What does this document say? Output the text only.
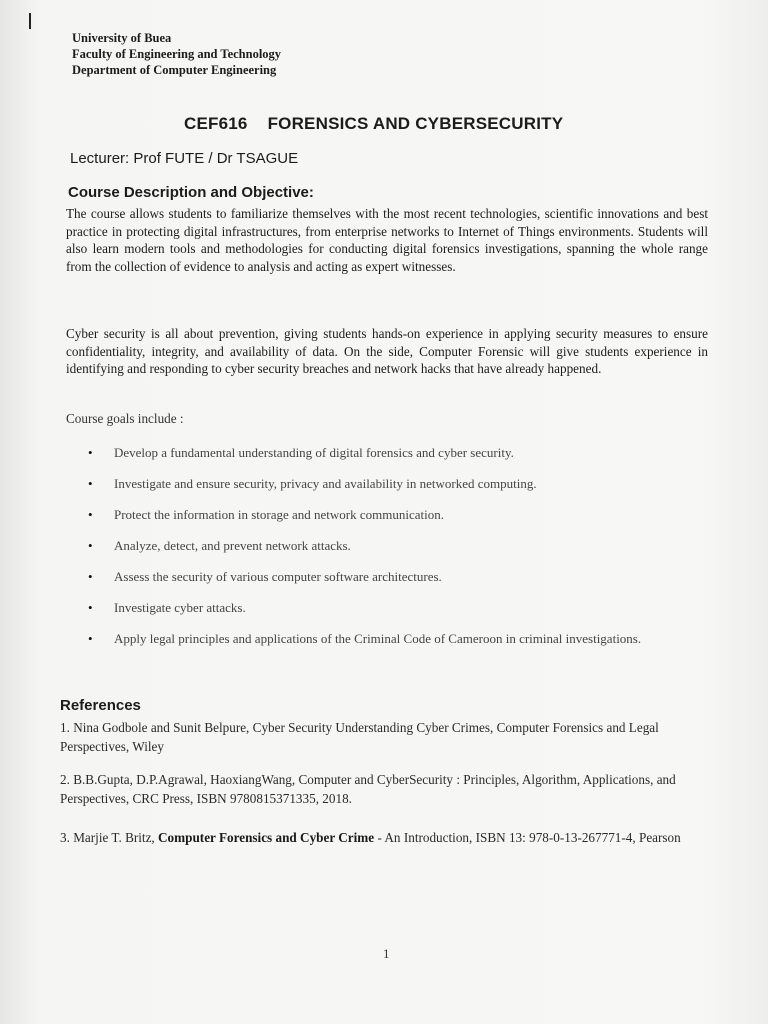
University of Buea
Faculty of Engineering and Technology
Department of Computer Engineering
CEF616 FORENSICS AND CYBERSECURITY
Lecturer: Prof FUTE / Dr TSAGUE
Course Description and Objective:

The course allows students to familiarize themselves with the most recent technologies, scientific innovations and best practice in protecting digital infrastructures, from enterprise networks to Internet of Things environments. Students will also learn modern tools and methodologies for conducting digital forensics investigations, spanning the whole range from the collection of evidence to analysis and acting as expert witnesses.

Cyber security is all about prevention, giving students hands-on experience in applying security measures to ensure confidentiality, integrity, and availability of data. On the side, Computer Forensic will give students experience in identifying and responding to cyber security breaches and network hacks that have already happened.

Course goals include :
• Develop a fundamental understanding of digital forensics and cyber security.
• Investigate and ensure security, privacy and availability in networked computing.
• Protect the information in storage and network communication.
• Analyze, detect, and prevent network attacks.
• Assess the security of various computer software architectures.
• Investigate cyber attacks.
• Apply legal principles and applications of the Criminal Code of Cameroon in criminal investigations.
References
1. Nina Godbole and Sunit Belpure, Cyber Security Understanding Cyber Crimes, Computer Forensics and Legal Perspectives, Wiley
2. B.B.Gupta, D.P.Agrawal, HaoxiangWang, Computer and CyberSecurity : Principles, Algorithm, Applications, and Perspectives, CRC Press, ISBN 9780815371335, 2018.
3. Marjie T. Britz, Computer Forensics and Cyber Crime - An Introduction, ISBN 13: 978-0-13-267771-4, Pearson
1
